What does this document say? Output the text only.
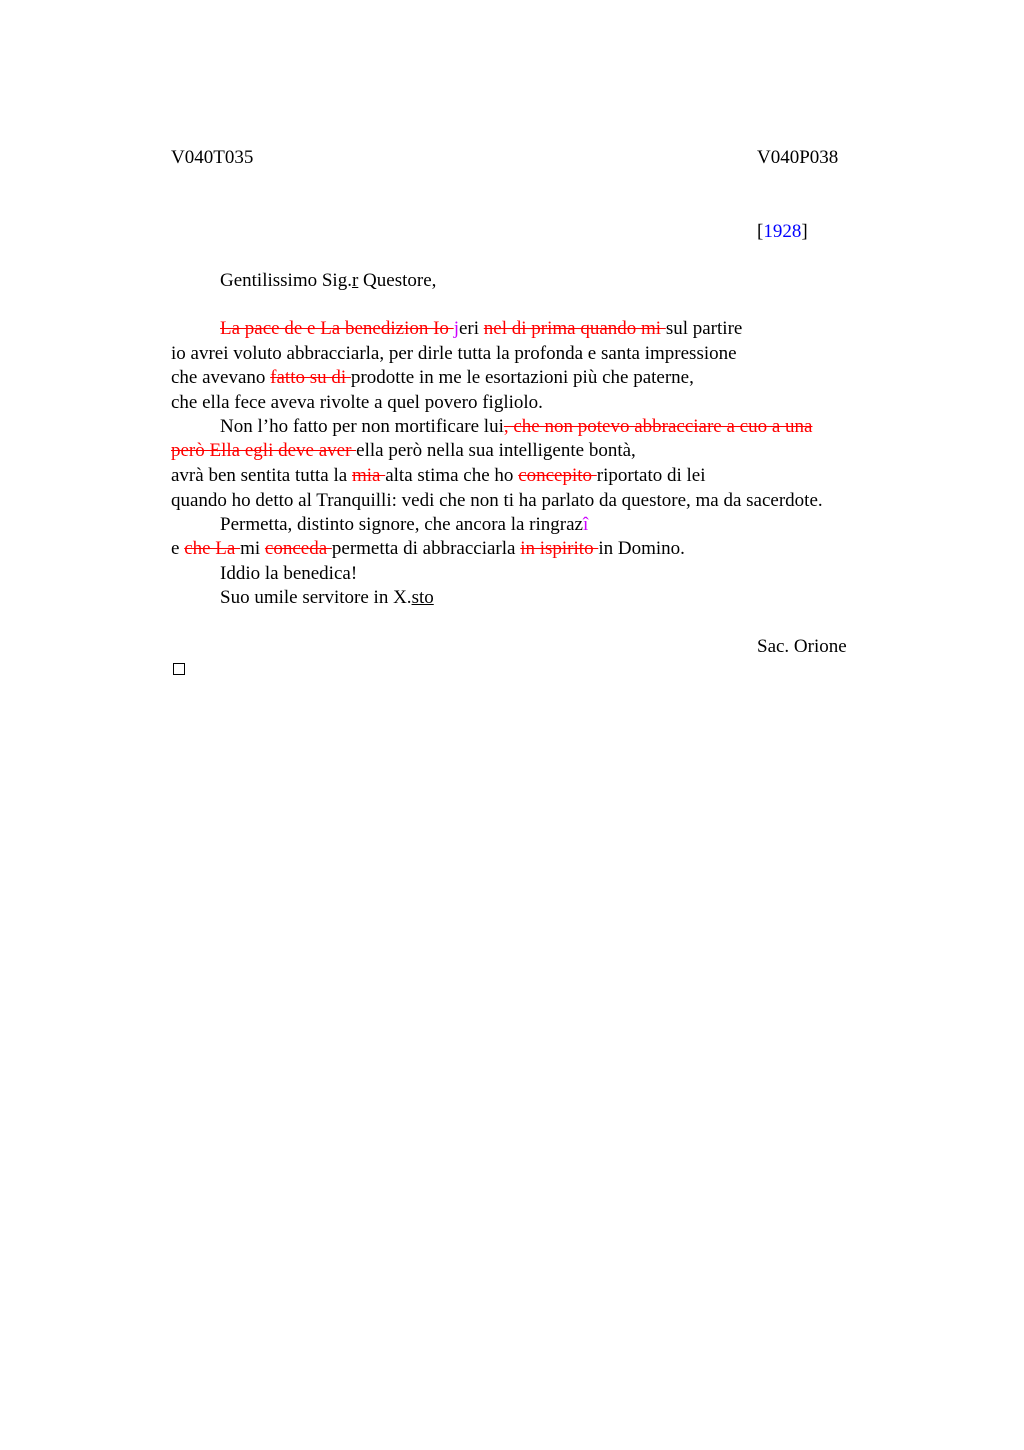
V040T035	V040P038
[1928]
Gentilissimo Sig.r Questore,
La pace de e La benedizion Io jeri nel di prima quando mi sul partire
io avrei voluto abbracciarla, per dirle tutta la profonda e santa impressione
che avevano fatto su di prodotte in me le esortazioni più che paterne,
che ella fece aveva rivolte a quel povero figliolo.
Non l’ho fatto per non mortificare lui, che non potevo abbracciare a cuo a una
però Ella egli deve aver ella però nella sua intelligente bontà,
avrà ben sentita tutta la mia alta stima che ho concepito riportato di lei
quando ho detto al Tranquilli: vedi che non ti ha parlato da questore, ma da sacerdote.
Permetta, distinto signore, che ancora la ringrazî
e che La mi conceda permetta di abbracciarla in ispirito in Domino.
Iddio la benedica!
Suo umile servitore in X.sto
Sac. Orione
